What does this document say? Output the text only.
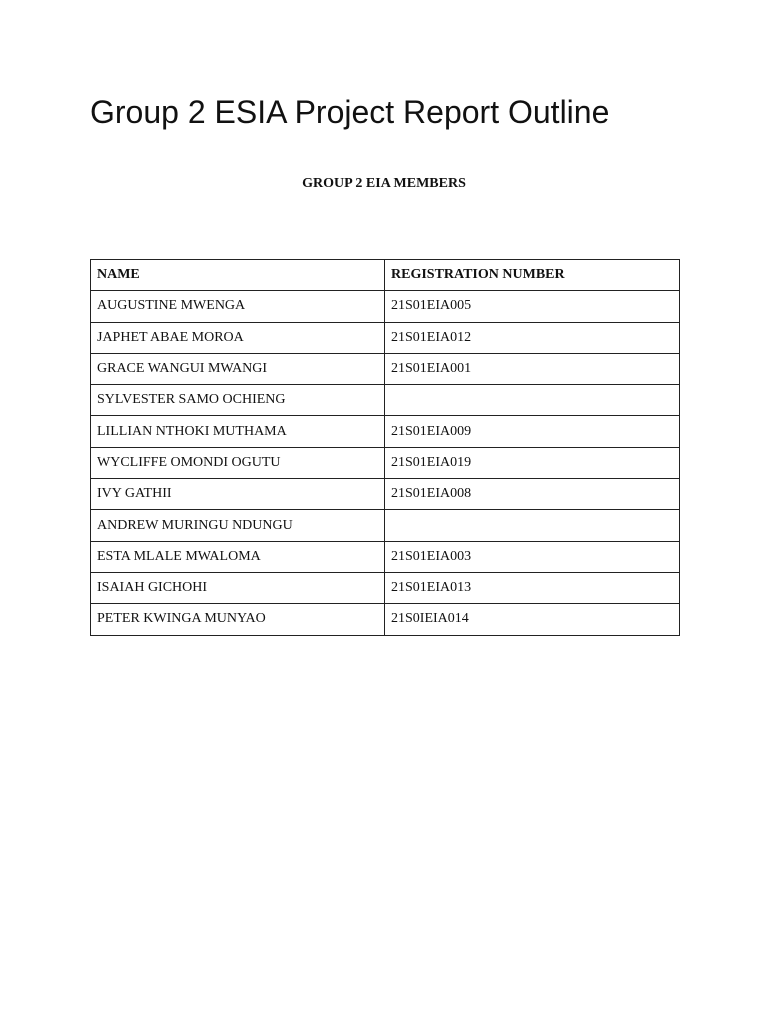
Group 2 ESIA Project Report Outline
GROUP 2 EIA MEMBERS
NAME	REGISTRATION NUMBER
AUGUSTINE MWENGA	21S01EIA005
JAPHET ABAE MOROA	21S01EIA012
GRACE WANGUI MWANGI	21S01EIA001
SYLVESTER SAMO OCHIENG	
LILLIAN NTHOKI MUTHAMA	21S01EIA009
WYCLIFFE OMONDI OGUTU	21S01EIA019
IVY GATHII	21S01EIA008
ANDREW MURINGU NDUNGU	
ESTA MLALE MWALOMA	21S01EIA003
ISAIAH GICHOHI	21S01EIA013
PETER KWINGA MUNYAO	21S0IEIA014
